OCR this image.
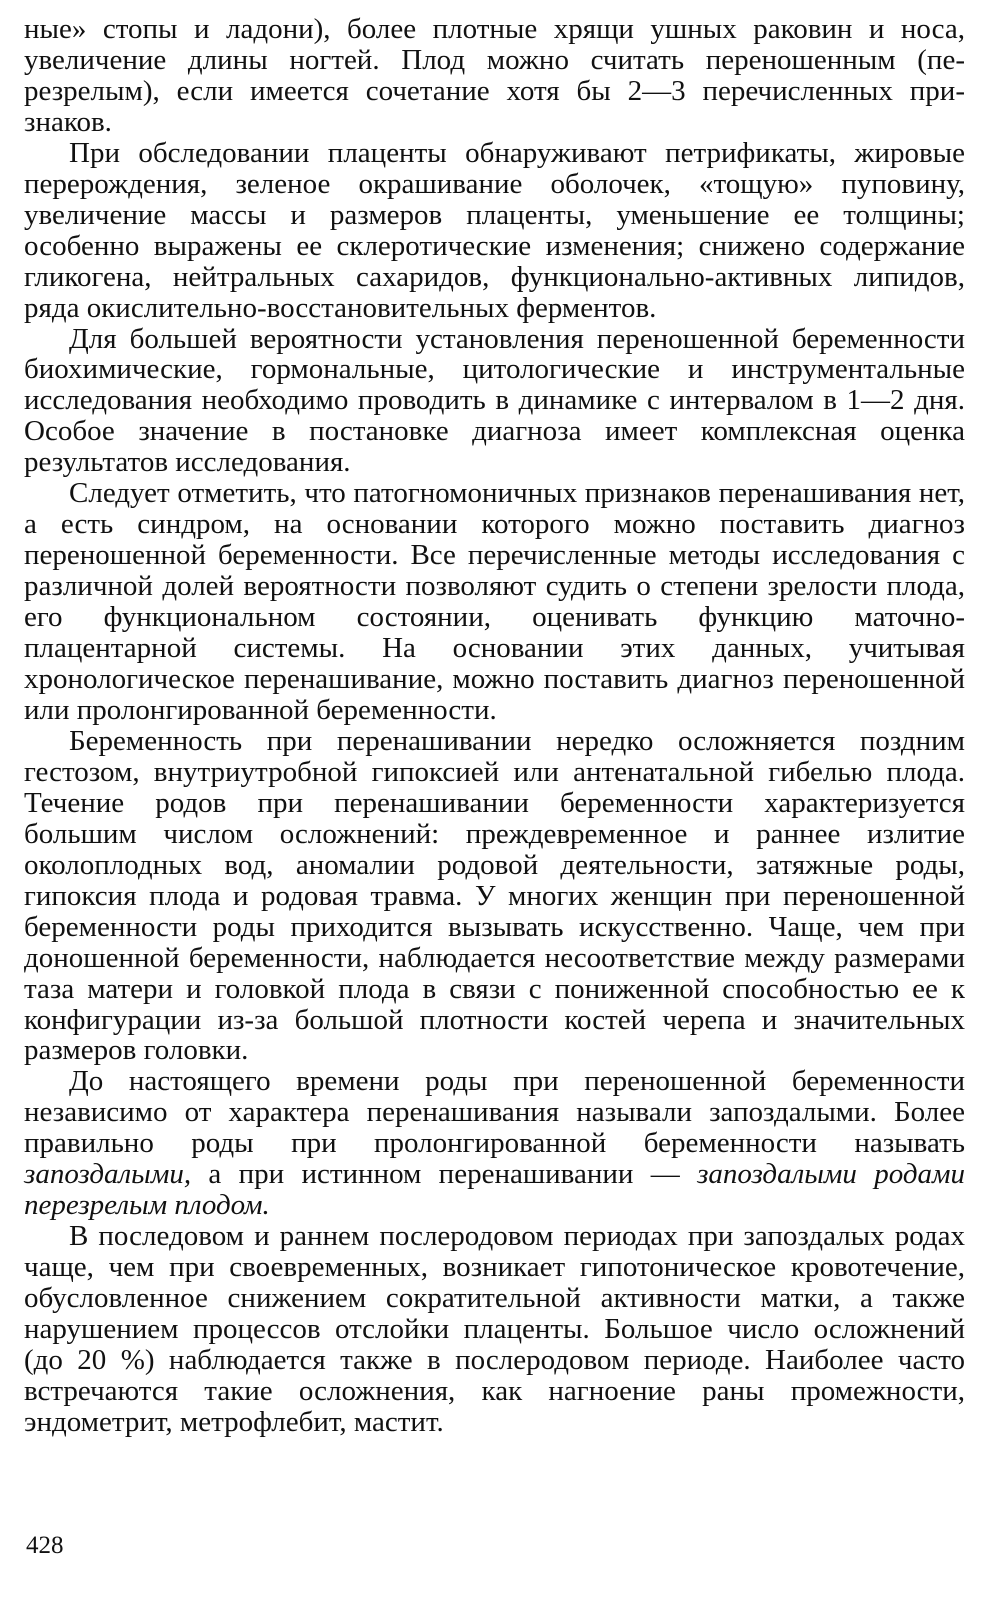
ные» стопы и ладони), более плотные хрящи ушных раковин и носа, увеличение длины ногтей. Плод можно считать переношенным (перезрелым), если имеется сочетание хотя бы 2—3 перечисленных признаков.

При обследовании плаценты обнаруживают петрификаты, жировые перерождения, зеленое окрашивание оболочек, «тощую» пуповину, увеличение массы и размеров плаценты, уменьшение ее толщины; особенно выражены ее склеротические изменения; снижено содержание гликогена, нейтральных сахаридов, функционально-активных липидов, ряда окислительно-восстановительных ферментов.

Для большей вероятности установления переношенной беременности биохимические, гормональные, цитологические и инструментальные исследования необходимо проводить в динамике с интервалом в 1—2 дня. Особое значение в постановке диагноза имеет комплексная оценка результатов исследования.

Следует отметить, что патогномоничных признаков перенашивания нет, а есть синдром, на основании которого можно поставить диагноз переношенной беременности. Все перечисленные методы исследования с различной долей вероятности позволяют судить о степени зрелости плода, его функциональном состоянии, оценивать функцию маточно-плацентарной системы. На основании этих данных, учитывая хронологическое перенашивание, можно поставить диагноз переношенной или пролонгированной беременности.

Беременность при перенашивании нередко осложняется поздним гестозом, внутриутробной гипоксией или антенатальной гибелью плода. Течение родов при перенашивании беременности характеризуется большим числом осложнений: преждевременное и раннее излитие околоплодных вод, аномалии родовой деятельности, затяжные роды, гипоксия плода и родовая травма. У многих женщин при переношенной беременности роды приходится вызывать искусственно. Чаще, чем при доношенной беременности, наблюдается несоответствие между размерами таза матери и головкой плода в связи с пониженной способностью ее к конфигурации из-за большой плотности костей черепа и значительных размеров головки.

До настоящего времени роды при переношенной беременности независимо от характера перенашивания называли запоздалыми. Более правильно роды при пролонгированной беременности называть запоздалыми, а при истинном перенашивании — запоздалыми родами перезрелым плодом.

В последовом и раннем послеродовом периодах при запоздалых родах чаще, чем при своевременных, возникает гипотоническое кровотечение, обусловленное снижением сократительной активности матки, а также нарушением процессов отслойки плаценты. Большое число осложнений (до 20 %) наблюдается также в послеродовом периоде. Наиболее часто встречаются такие осложнения, как нагноение раны промежности, эндометрит, метрофлебит, мастит.

428
